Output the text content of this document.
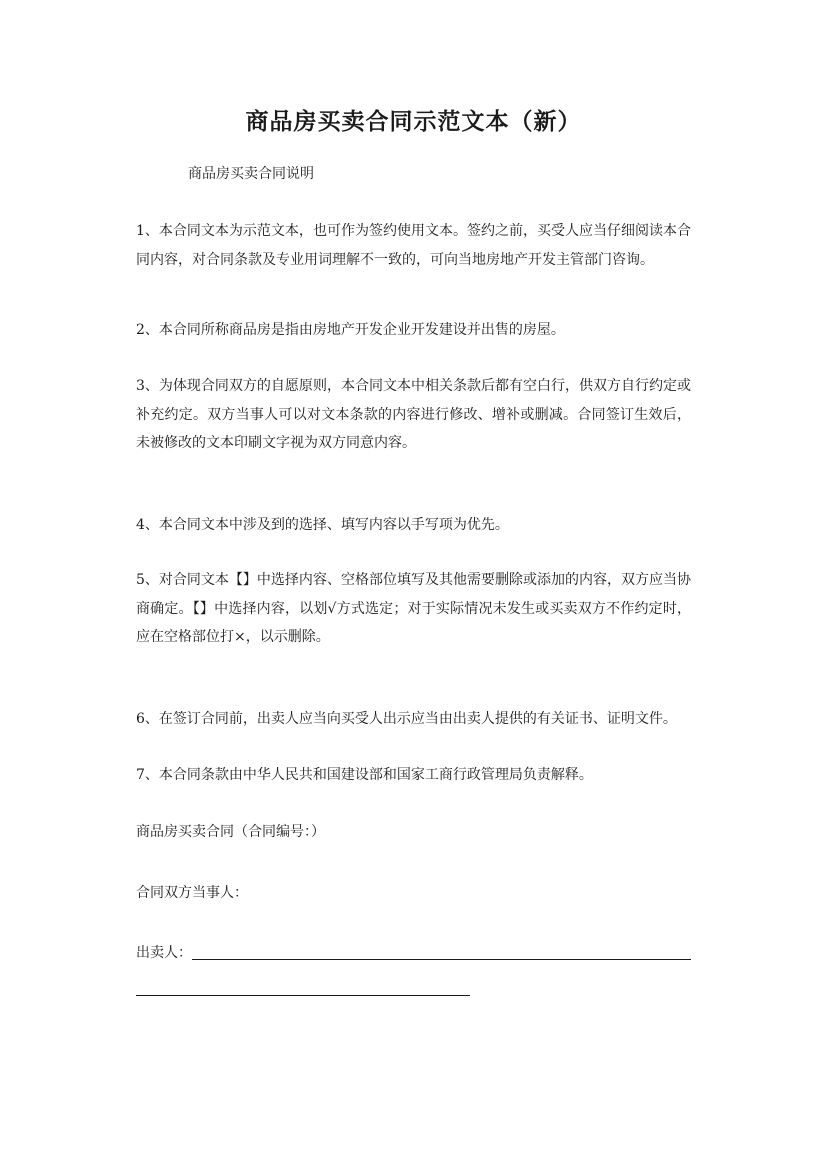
商品房买卖合同示范文本（新）

商品房买卖合同说明

1、本合同文本为示范文本，也可作为签约使用文本。签约之前，买受人应当仔细阅读本合同内容，对合同条款及专业用词理解不一致的，可向当地房地产开发主管部门咨询。

2、本合同所称商品房是指由房地产开发企业开发建设并出售的房屋。

3、为体现合同双方的自愿原则，本合同文本中相关条款后都有空白行，供双方自行约定或补充约定。双方当事人可以对文本条款的内容进行修改、增补或删减。合同签订生效后，未被修改的文本印刷文字视为双方同意内容。

4、本合同文本中涉及到的选择、填写内容以手写项为优先。

5、对合同文本【】中选择内容、空格部位填写及其他需要删除或添加的内容，双方应当协商确定。【】中选择内容，以划√方式选定；对于实际情况未发生或买卖双方不作约定时，应在空格部位打×，以示删除。

6、在签订合同前，出卖人应当向买受人出示应当由出卖人提供的有关证书、证明文件。

7、本合同条款由中华人民共和国建设部和国家工商行政管理局负责解释。

商品房买卖合同（合同编号：）

合同双方当事人：

出卖人：
